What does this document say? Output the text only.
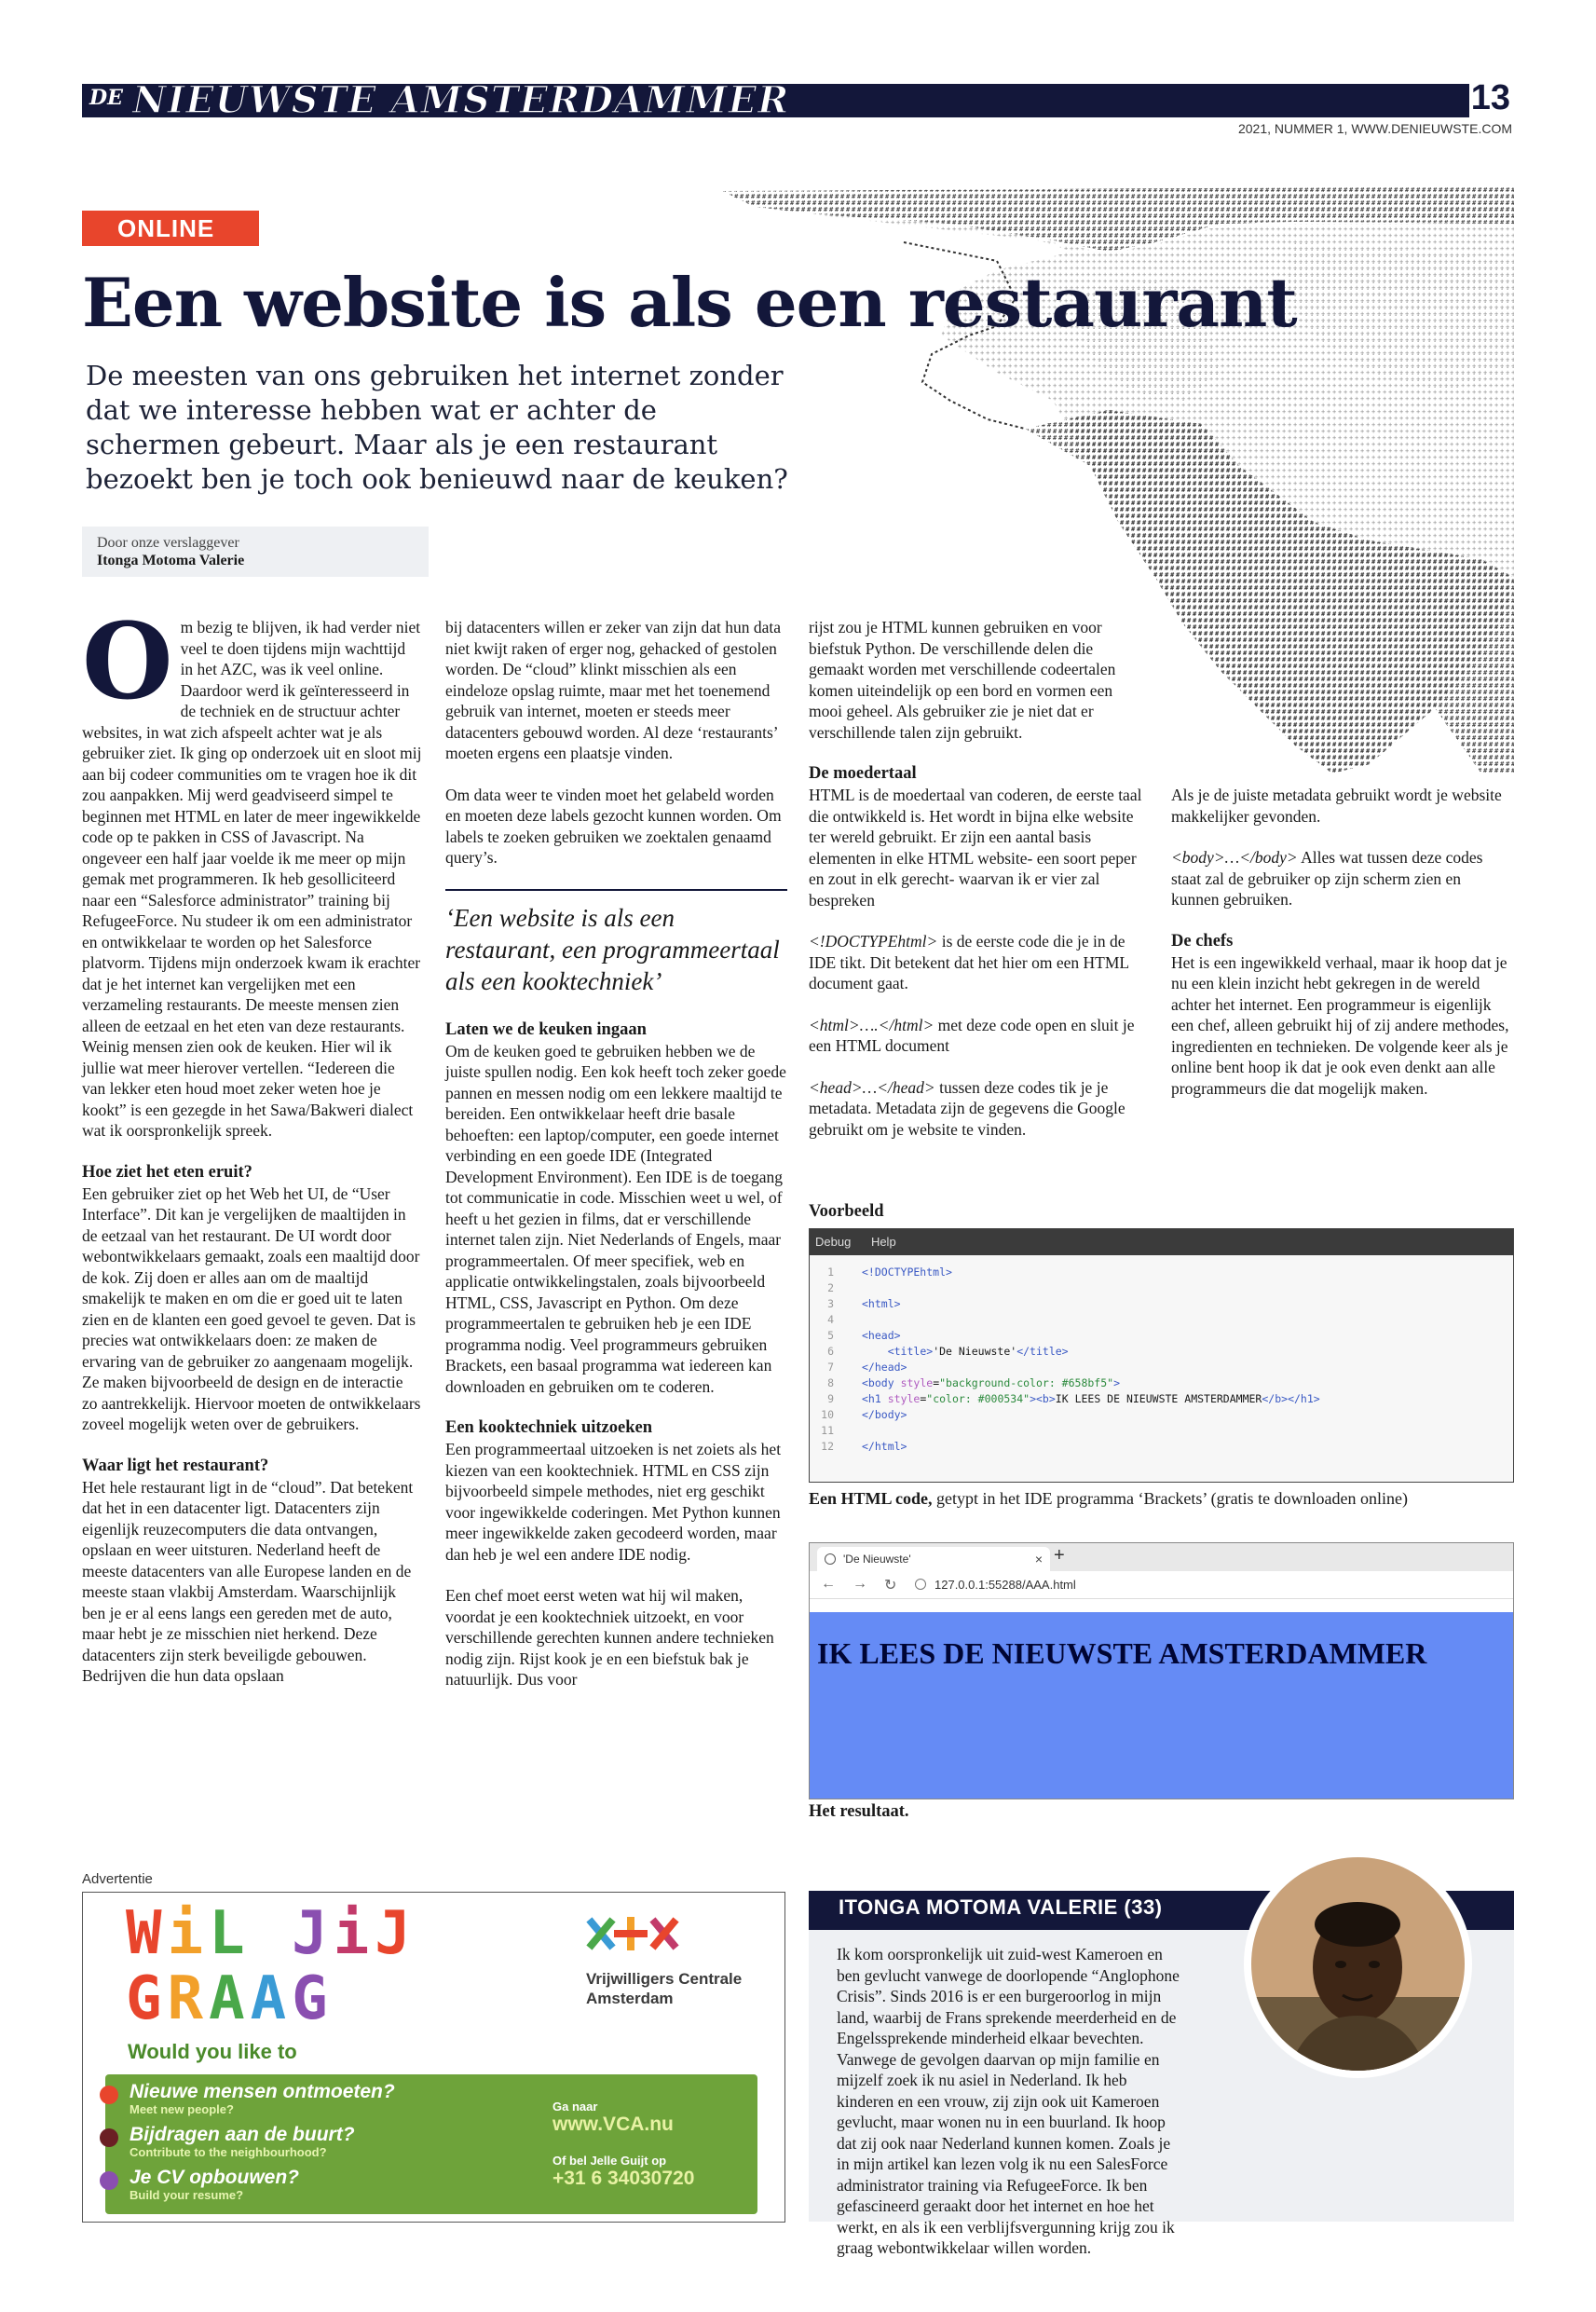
DE NIEUWSTE AMSTERDAMMER	13
2021, NUMMER 1, WWW.DENIEUWSTE.COM
ONLINE
Een website is als een restaurant

De meesten van ons gebruiken het internet zonder dat we interesse hebben wat er achter de schermen gebeurt. Maar als je een restaurant bezoekt ben je toch ook benieuwd naar de keuken?

Door onze verslaggever
Itonga Motoma Valerie

Om bezig te blijven, ik had verder niet veel te doen tijdens mijn wachttijd in het AZC, was ik veel online. Daardoor werd ik geïnteresseerd in de techniek en de structuur achter websites, in wat zich afspeelt achter wat je als gebruiker ziet. Ik ging op onderzoek uit en sloot mij aan bij codeer communities om te vragen hoe ik dit zou aanpakken. Mij werd geadviseerd simpel te beginnen met HTML en later de meer ingewikkelde code op te pakken in CSS of Javascript. Na ongeveer een half jaar voelde ik me meer op mijn gemak met programmeren. Ik heb gesolliciteerd naar een “Salesforce administrator” training bij RefugeeForce. Nu studeer ik om een administrator en ontwikkelaar te worden op het Salesforce platvorm. Tijdens mijn onderzoek kwam ik erachter dat je het internet kan vergelijken met een verzameling restaurants. De meeste mensen zien alleen de eetzaal en het eten van deze restaurants. Weinig mensen zien ook de keuken. Hier wil ik jullie wat meer hierover vertellen. “Iedereen die van lekker eten houd moet zeker weten hoe je kookt” is een gezegde in het Sawa/Bakweri dialect wat ik oorspronkelijk spreek.

Hoe ziet het eten eruit?

Een gebruiker ziet op het Web het UI, de “User Interface”. Dit kan je vergelijken de maaltijden in de eetzaal van het restaurant. De UI wordt door webontwikkelaars gemaakt, zoals een maaltijd door de kok. Zij doen er alles aan om de maaltijd smakelijk te maken en om die er goed uit te laten zien en de klanten een goed gevoel te geven. Dat is precies wat ontwikkelaars doen: ze maken de ervaring van de gebruiker zo aangenaam mogelijk. Ze maken bijvoorbeeld de design en de interactie zo aantrekkelijk. Hiervoor moeten de ontwikkelaars zoveel mogelijk weten over de gebruikers.

Waar ligt het restaurant?

Het hele restaurant ligt in de “cloud”. Dat betekent dat het in een datacenter ligt. Datacenters zijn eigenlijk reuzecomputers die data ontvangen, opslaan en weer uitsturen. Nederland heeft de meeste datacenters van alle Europese landen en de meeste staan vlakbij Amsterdam. Waarschijnlijk ben je er al eens langs een gereden met de auto, maar hebt je ze misschien niet herkend. Deze datacenters zijn sterk beveiligde gebouwen. Bedrijven die hun data opslaan

bij datacenters willen er zeker van zijn dat hun data niet kwijt raken of erger nog, gehacked of gestolen worden. De “cloud” klinkt misschien als een eindeloze opslag ruimte, maar met het toenemend gebruik van internet, moeten er steeds meer datacenters gebouwd worden. Al deze ‘restaurants’ moeten ergens een plaatsje vinden.

Om data weer te vinden moet het gelabeld worden en moeten deze labels gezocht kunnen worden. Om labels te zoeken gebruiken we zoektalen genaamd query’s.

‘Een website is als een restaurant, een programmeertaal als een kooktechniek’
Laten we de keuken ingaan

Om de keuken goed te gebruiken hebben we de juiste spullen nodig. Een kok heeft toch zeker goede pannen en messen nodig om een lekkere maaltijd te bereiden. Een ontwikkelaar heeft drie basale behoeften: een laptop/computer, een goede internet verbinding en een goede IDE (Integrated Development Environment). Een IDE is de toegang tot communicatie in code. Misschien weet u wel, of heeft u het gezien in films, dat er verschillende internet talen zijn. Niet Nederlands of Engels, maar programmeertalen. Of meer specifiek, web en applicatie ontwikkelingstalen, zoals bijvoorbeeld HTML, CSS, Javascript en Python. Om deze programmeertalen te gebruiken heb je een IDE programma nodig. Veel programmeurs gebruiken Brackets, een basaal programma wat iedereen kan downloaden en gebruiken om te coderen.

Een kooktechniek uitzoeken

Een programmeertaal uitzoeken is net zoiets als het kiezen van een kooktechniek. HTML en CSS zijn bijvoorbeeld simpele methodes, niet erg geschikt voor ingewikkelde coderingen. Met Python kunnen meer ingewikkelde zaken gecodeerd worden, maar dan heb je wel een andere IDE nodig.

Een chef moet eerst weten wat hij wil maken, voordat je een kooktechniek uitzoekt, en voor verschillende gerechten kunnen andere technieken nodig zijn. Rijst kook je en een biefstuk bak je natuurlijk. Dus voor

rijst zou je HTML kunnen gebruiken en voor biefstuk Python. De verschillende delen die gemaakt worden met verschillende codeertalen komen uiteindelijk op een bord en vormen een mooi geheel. Als gebruiker zie je niet dat er verschillende talen zijn gebruikt.

De moedertaal

HTML is de moedertaal van coderen, de eerste taal die ontwikkeld is. Het wordt in bijna elke website ter wereld gebruikt. Er zijn een aantal basis elementen in elke HTML website- een soort peper en zout in elk gerecht- waarvan ik er vier zal bespreken

<!DOCTYPEhtml> is de eerste code die je in de IDE tikt. Dit betekent dat het hier om een HTML document gaat.

<html>….</html> met deze code open en sluit je een HTML document

<head>…</head> tussen deze codes tik je je metadata. Metadata zijn de gegevens die Google gebruikt om je website te vinden.

Als je de juiste metadata gebruikt wordt je website makkelijker gevonden.

<body>…</body> Alles wat tussen deze codes staat zal de gebruiker op zijn scherm zien en kunnen gebruiken.

De chefs

Het is een ingewikkeld verhaal, maar ik hoop dat je nu een klein inzicht hebt gekregen in de wereld achter het internet. Een programmeur is eigenlijk een chef, alleen gebruikt hij of zij andere methodes, ingredienten en technieken. De volgende keer als je online bent hoop ik dat je ook even denkt aan alle programmeurs die dat mogelijk maken.

Voorbeeld
Debug Help
1	<!DOCTYPEhtml>
2
3	<html>
4
5	<head>
6	<title>'De Nieuwste'</title>
7	</head>
8	<body style="background-color: #658bf5">
9	<h1 style="color: #000534"><b>IK LEES DE NIEUWSTE AMSTERDAMMER</b></h1>
10	</body>
11
12	</html>
Een HTML code, getypt in het IDE programma ‘Brackets’ (gratis te downloaden online)
'De Nieuwste'	× +
← → ↻	127.0.0.1:55288/AAA.html
IK LEES DE NIEUWSTE AMSTERDAMMER
Het resultaat.
Advertentie
WiL JiJ
GRAAG
Would you like to
Vrijwilligers Centrale Amsterdam
Nieuwe mensen ontmoeten?
Meet new people?
Bijdragen aan de buurt?
Contribute to the neighbourhood?
Je CV opbouwen?
Build your resume?
Ga naar
www.VCA.nu
Of bel Jelle Guijt op
+31 6 34030720
ITONGA MOTOMA VALERIE (33)

Ik kom oorspronkelijk uit zuid-west Kameroen en ben gevlucht vanwege de doorlopende “Anglophone Crisis”. Sinds 2016 is er een burgeroorlog in mijn land, waarbij de Frans sprekende meerderheid en de Engelssprekende minderheid elkaar bevechten. Vanwege de gevolgen daarvan op mijn familie en mijzelf zoek ik nu asiel in Nederland. Ik heb kinderen en een vrouw, zij zijn ook uit Kameroen gevlucht, maar wonen nu in een buurland. Ik hoop dat zij ook naar Nederland kunnen komen. Zoals je in mijn artikel kan lezen volg ik nu een SalesForce administrator training via RefugeeForce. Ik ben gefascineerd geraakt door het internet en hoe het werkt, en als ik een verblijfsvergunning krijg zou ik graag webontwikkelaar willen worden.
